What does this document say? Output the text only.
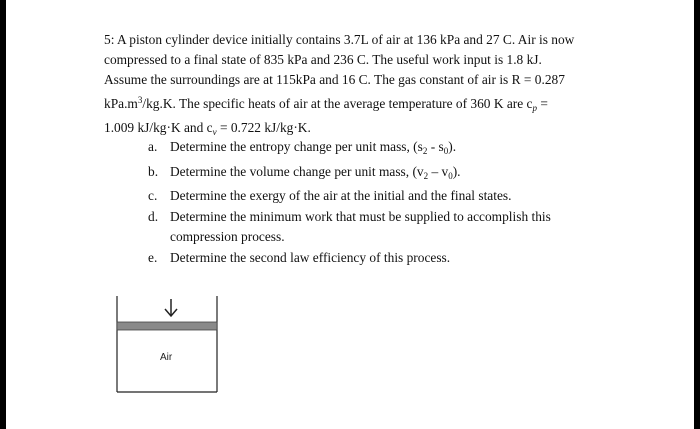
5: A piston cylinder device initially contains 3.7L of air at 136 kPa and 27 C. Air is now

compressed to a final state of 835 kPa and 236 C. The useful work input is 1.8 kJ.

Assume the surroundings are at 115kPa and 16 C. The gas constant of air is R = 0.287

$kPa.m^3/kg.K$. The specific heats of air at the average temperature of 360 K are $c_p$ =

1.009 kJ/kg·K and $c_v = 0.722$ kJ/kg·K.

a. Determine the entropy change per unit mass, $(s_2 - s_0)$.
b. Determine the volume change per unit mass, $(v_2 - v_0)$.
c. Determine the exergy of the air at the initial and the final states.
d. Determine the minimum work that must be supplied to accomplish this
compression process.
e. Determine the second law efficiency of this process.
Air
